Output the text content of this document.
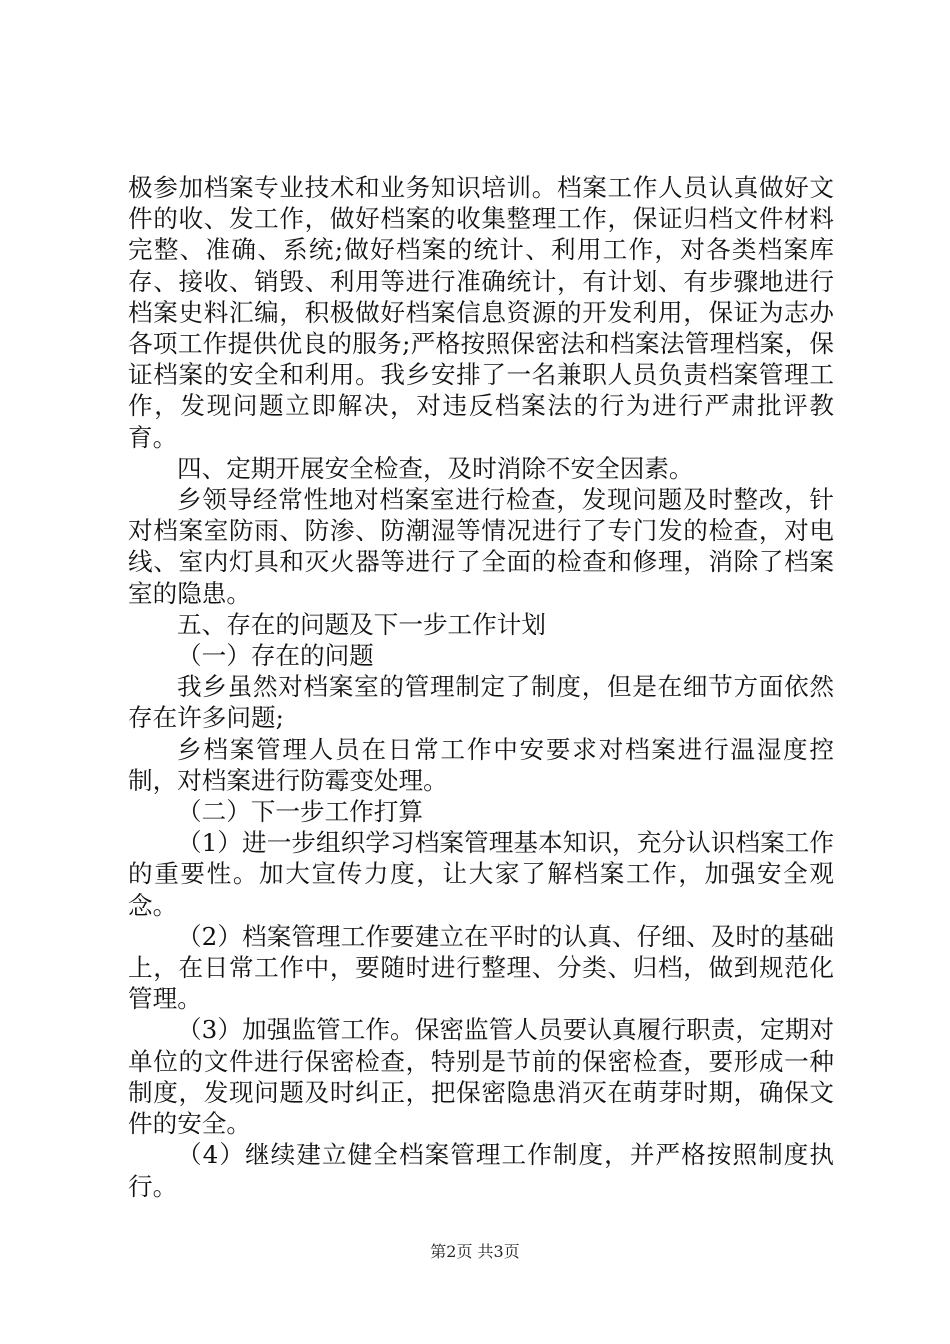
极参加档案专业技术和业务知识培训。档案工作人员认真做好文件的收、发工作，做好档案的收集整理工作，保证归档文件材料完整、准确、系统;做好档案的统计、利用工作，对各类档案库存、接收、销毁、利用等进行准确统计，有计划、有步骤地进行档案史料汇编，积极做好档案信息资源的开发利用，保证为志办各项工作提供优良的服务;严格按照保密法和档案法管理档案，保证档案的安全和利用。我乡安排了一名兼职人员负责档案管理工作，发现问题立即解决，对违反档案法的行为进行严肃批评教育。

四、定期开展安全检查，及时消除不安全因素。

乡领导经常性地对档案室进行检查，发现问题及时整改，针对档案室防雨、防渗、防潮湿等情况进行了专门发的检查，对电线、室内灯具和灭火器等进行了全面的检查和修理，消除了档案室的隐患。

五、存在的问题及下一步工作计划

（一）存在的问题

我乡虽然对档案室的管理制定了制度，但是在细节方面依然存在许多问题;

乡档案管理人员在日常工作中安要求对档案进行温湿度控制，对档案进行防霉变处理。

（二）下一步工作打算

（1）进一步组织学习档案管理基本知识，充分认识档案工作的重要性。加大宣传力度，让大家了解档案工作，加强安全观念。

（2）档案管理工作要建立在平时的认真、仔细、及时的基础上，在日常工作中，要随时进行整理、分类、归档，做到规范化管理。

（3）加强监管工作。保密监管人员要认真履行职责，定期对单位的文件进行保密检查，特别是节前的保密检查，要形成一种制度，发现问题及时纠正，把保密隐患消灭在萌芽时期，确保文件的安全。

（4）继续建立健全档案管理工作制度，并严格按照制度执行。

第2页 共3页
